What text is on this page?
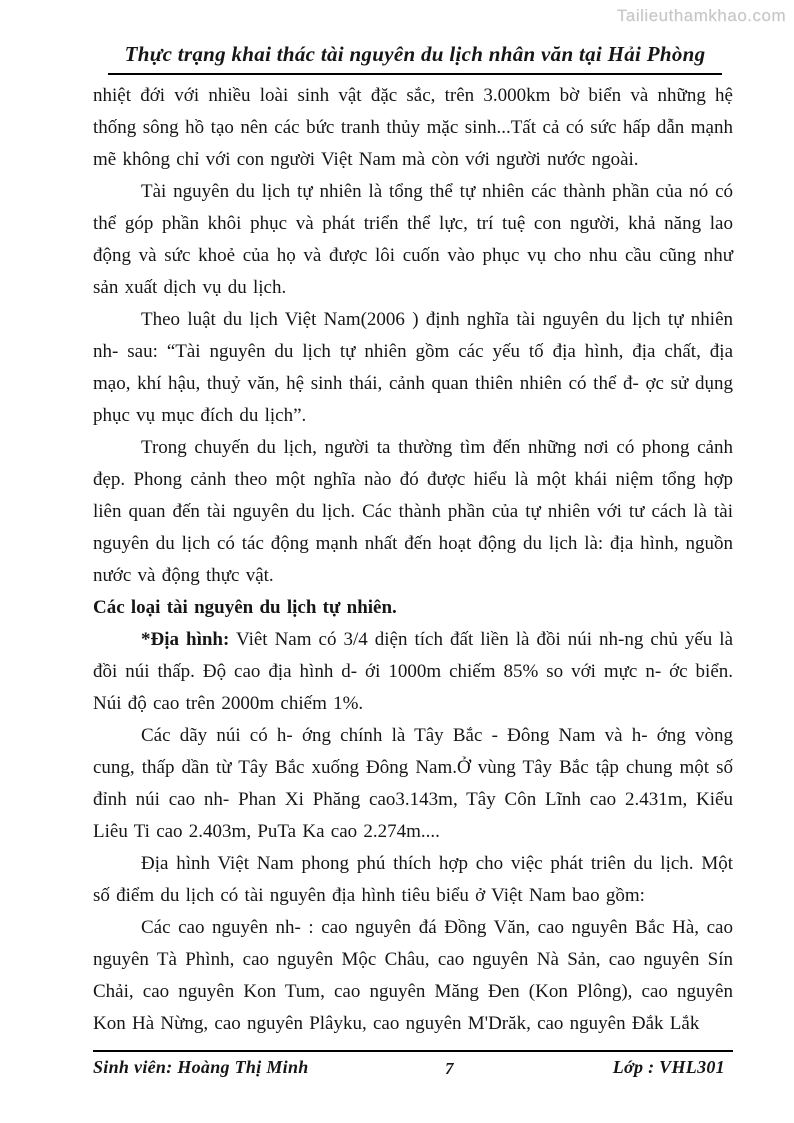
Tailieuthamkhao.com
Thực trạng khai thác tài nguyên du lịch nhân văn tại Hải Phòng

nhiệt đới với nhiều loài sinh vật đặc sắc, trên 3.000km bờ biển và những hệ thống sông hồ tạo nên các bức tranh thủy mặc sinh...Tất cả có sức hấp dẫn mạnh mẽ không chỉ với con người Việt Nam mà còn với người nước ngoài.

Tài nguyên du lịch tự nhiên là tổng thể tự nhiên các thành phần của nó có thể góp phần khôi phục và phát triển thể lực, trí tuệ con người, khả năng lao động và sức khoẻ của họ và được lôi cuốn vào phục vụ cho nhu cầu cũng như sản xuất dịch vụ du lịch.

Theo luật du lịch Việt Nam(2006 ) định nghĩa tài nguyên du lịch tự nhiên nh- sau: “Tài nguyên du lịch tự nhiên gồm các yếu tố địa hình, địa chất, địa mạo, khí hậu, thuỷ văn, hệ sinh thái, cảnh quan thiên nhiên có thể đ- ợc sử dụng phục vụ mục đích du lịch”.

Trong chuyến du lịch, người ta thường tìm đến những nơi có phong cảnh đẹp. Phong cảnh theo một nghĩa nào đó được hiểu là một khái niệm tổng hợp liên quan đến tài nguyên du lịch. Các thành phần của tự nhiên với tư cách là tài nguyên du lịch có tác động mạnh nhất đến hoạt động du lịch là: địa hình, nguồn nước và động thực vật.

Các loại tài nguyên du lịch tự nhiên.

*Địa hình: Viêt Nam có 3/4 diện tích đất liền là đồi núi nh-ng chủ yếu là đồi núi thấp. Độ cao địa hình d- ới 1000m chiếm 85% so với mực n- ớc biển. Núi độ cao trên 2000m chiếm 1%.

Các dãy núi có h- ớng chính là Tây Bắc - Đông Nam và h- ớng vòng cung, thấp dần từ Tây Bắc xuống Đông Nam.Ở vùng Tây Bắc tập chung một số đỉnh núi cao nh- Phan Xi Phăng cao3.143m, Tây Côn Lĩnh cao 2.431m, Kiểu Liêu Ti cao 2.403m, PuTa Ka cao 2.274m....

Địa hình Việt Nam phong phú thích hợp cho việc phát triên du lịch. Một số điểm du lịch có tài nguyên địa hình tiêu biểu ở Việt Nam bao gồm:

Các cao nguyên nh- : cao nguyên đá Đồng Văn, cao nguyên Bắc Hà, cao nguyên Tà Phình, cao nguyên Mộc Châu, cao nguyên Nà Sản, cao nguyên Sín Chải, cao nguyên Kon Tum, cao nguyên Măng Đen (Kon Plông), cao nguyên Kon Hà Nừng, cao nguyên Plâyku, cao nguyên M'Drăk, cao nguyên Đắk Lắk

Sinh viên: Hoàng Thị Minh	7	Lớp : VHL301
